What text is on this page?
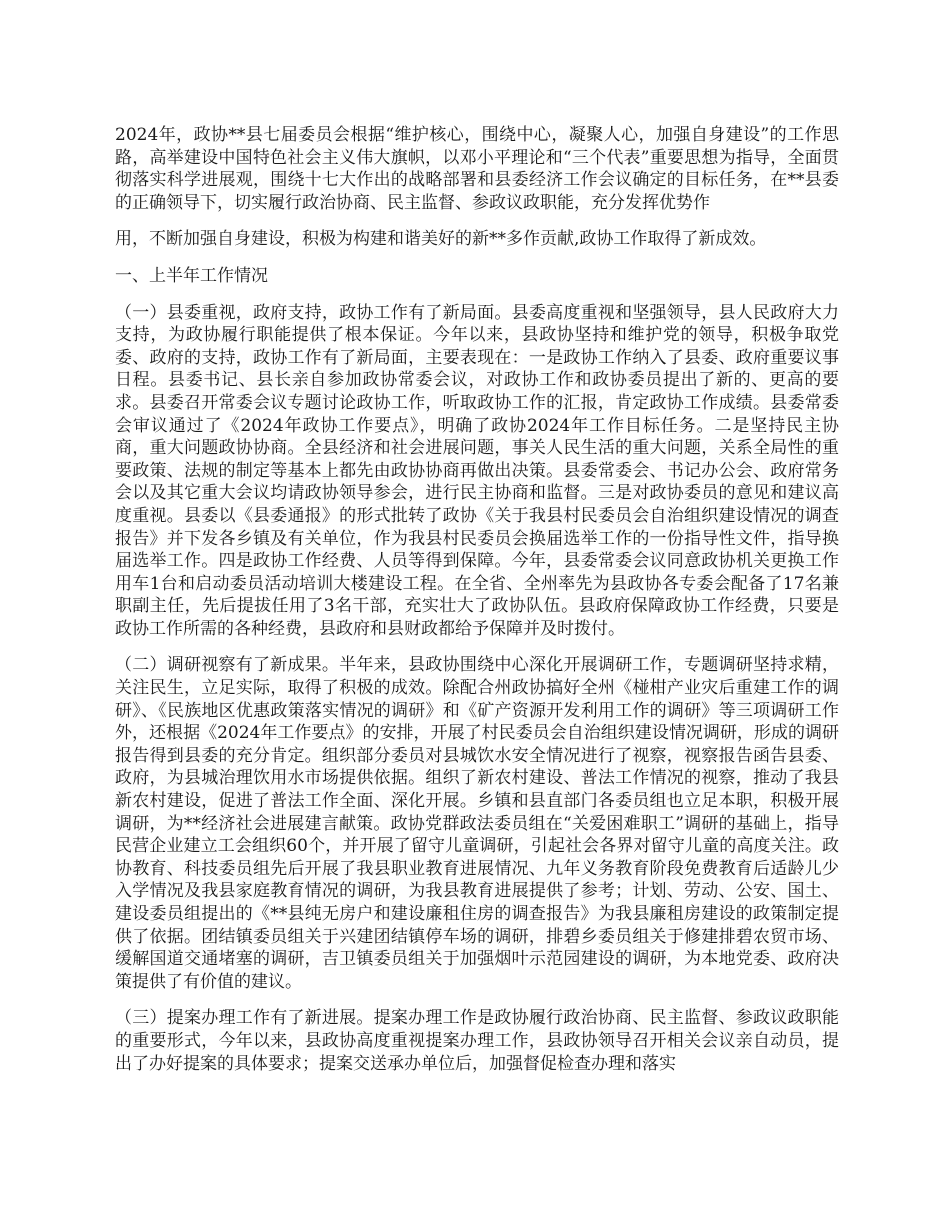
2024年，政协**县七届委员会根据“维护核心，围绕中心，凝聚人心，加强自身建设”的工作思路，高举建设中国特色社会主义伟大旗帜，以邓小平理论和“三个代表”重要思想为指导，全面贯彻落实科学进展观，围绕十七大作出的战略部署和县委经济工作会议确定的目标任务，在**县委的正确领导下，切实履行政治协商、民主监督、参政议政职能，充分发挥优势作

用，不断加强自身建设，积极为构建和谐美好的新**多作贡献,政协工作取得了新成效。

一、上半年工作情况

（一）县委重视，政府支持，政协工作有了新局面。县委高度重视和坚强领导，县人民政府大力支持，为政协履行职能提供了根本保证。今年以来，县政协坚持和维护党的领导，积极争取党委、政府的支持，政协工作有了新局面，主要表现在：一是政协工作纳入了县委、政府重要议事日程。县委书记、县长亲自参加政协常委会议，对政协工作和政协委员提出了新的、更高的要求。县委召开常委会议专题讨论政协工作，听取政协工作的汇报，肯定政协工作成绩。县委常委会审议通过了《2024年政协工作要点》，明确了政协2024年工作目标任务。二是坚持民主协商，重大问题政协协商。全县经济和社会进展问题，事关人民生活的重大问题，关系全局性的重要政策、法规的制定等基本上都先由政协协商再做出决策。县委常委会、书记办公会、政府常务会以及其它重大会议均请政协领导参会，进行民主协商和监督。三是对政协委员的意见和建议高度重视。县委以《县委通报》的形式批转了政协《关于我县村民委员会自治组织建设情况的调查报告》并下发各乡镇及有关单位，作为我县村民委员会换届选举工作的一份指导性文件，指导换届选举工作。四是政协工作经费、人员等得到保障。今年，县委常委会议同意政协机关更换工作用车1台和启动委员活动培训大楼建设工程。在全省、全州率先为县政协各专委会配备了17名兼职副主任，先后提拔任用了3名干部，充实壮大了政协队伍。县政府保障政协工作经费，只要是政协工作所需的各种经费，县政府和县财政都给予保障并及时拨付。

（二）调研视察有了新成果。半年来，县政协围绕中心深化开展调研工作，专题调研坚持求精，关注民生，立足实际，取得了积极的成效。除配合州政协搞好全州《椪柑产业灾后重建工作的调研》、《民族地区优惠政策落实情况的调研》和《矿产资源开发利用工作的调研》等三项调研工作外，还根据《2024年工作要点》的安排，开展了村民委员会自治组织建设情况调研，形成的调研报告得到县委的充分肯定。组织部分委员对县城饮水安全情况进行了视察，视察报告函告县委、政府，为县城治理饮用水市场提供依据。组织了新农村建设、普法工作情况的视察，推动了我县新农村建设，促进了普法工作全面、深化开展。乡镇和县直部门各委员组也立足本职，积极开展调研，为**经济社会进展建言献策。政协党群政法委员组在“关爱困难职工”调研的基础上，指导民营企业建立工会组织60个，并开展了留守儿童调研，引起社会各界对留守儿童的高度关注。政协教育、科技委员组先后开展了我县职业教育进展情况、九年义务教育阶段免费教育后适龄儿少入学情况及我县家庭教育情况的调研，为我县教育进展提供了参考；计划、劳动、公安、国土、建设委员组提出的《**县纯无房户和建设廉租住房的调查报告》为我县廉租房建设的政策制定提供了依据。团结镇委员组关于兴建团结镇停车场的调研，排碧乡委员组关于修建排碧农贸市场、缓解国道交通堵塞的调研，吉卫镇委员组关于加强烟叶示范园建设的调研，为本地党委、政府决策提供了有价值的建议。

（三）提案办理工作有了新进展。提案办理工作是政协履行政治协商、民主监督、参政议政职能的重要形式，今年以来，县政协高度重视提案办理工作，县政协领导召开相关会议亲自动员，提出了办好提案的具体要求；提案交送承办单位后，加强督促检查办理和落实
